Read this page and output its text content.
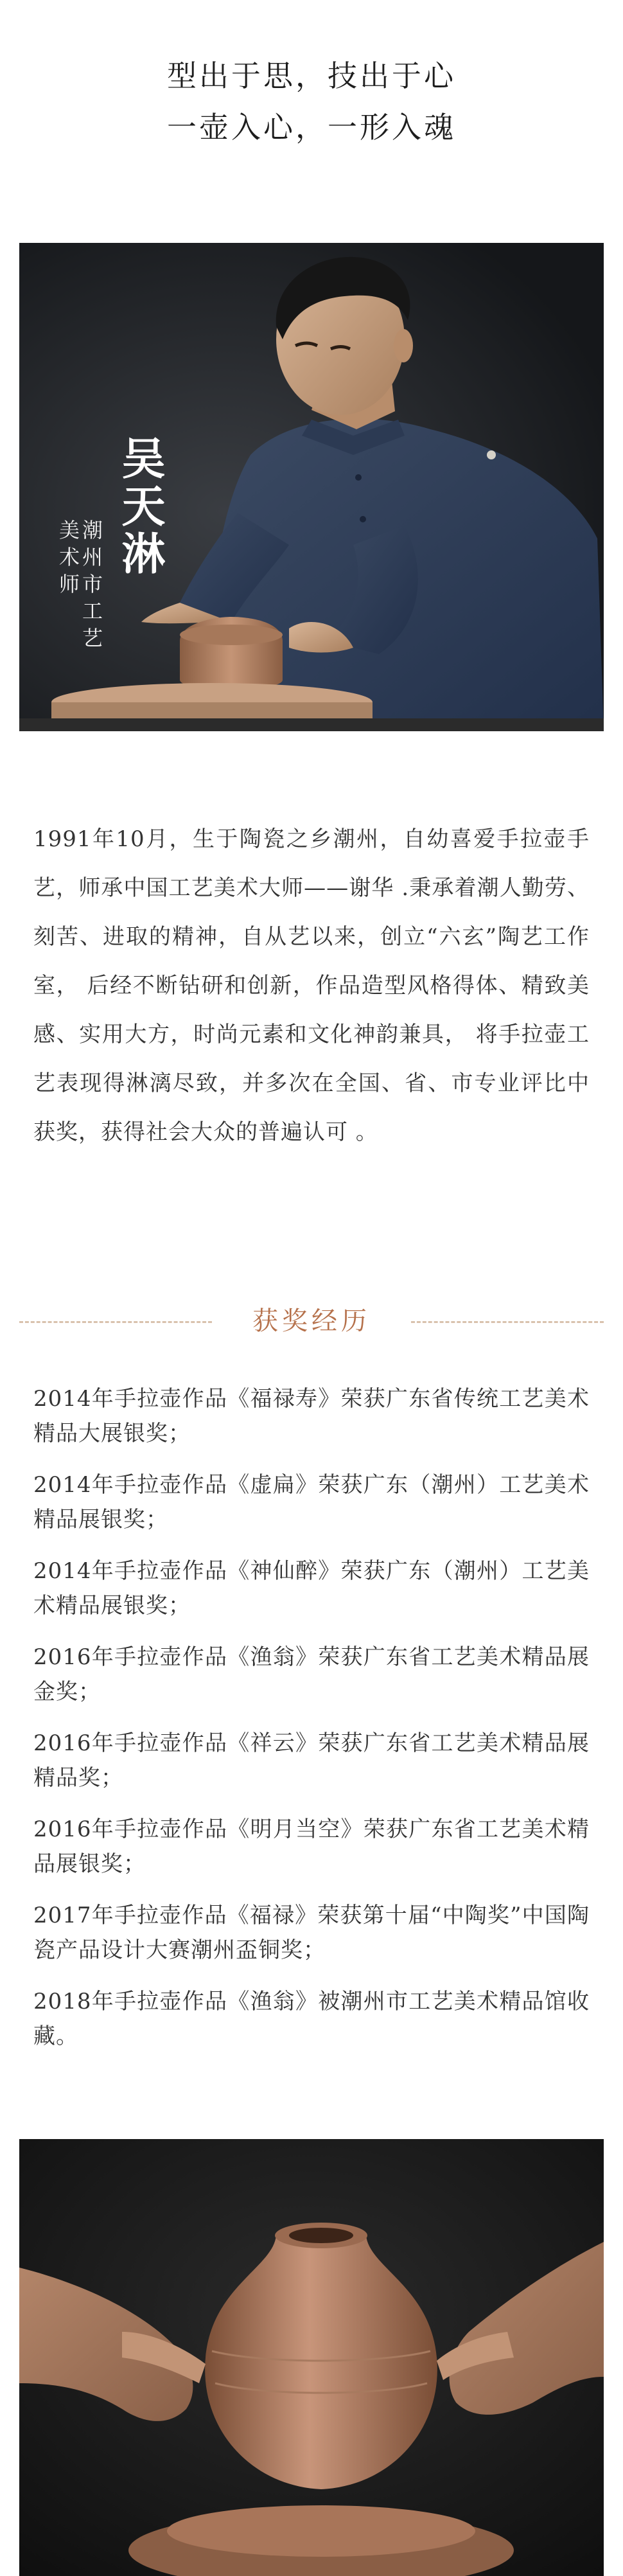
型出于思，技出于心
一壶入心，一形入魂
吴天淋
潮州市工艺美术师
1991年10月，生于陶瓷之乡潮州，自幼喜爱手拉壶手艺，师承中国工艺美术大师——谢华 .秉承着潮人勤劳、刻苦、进取的精神，自从艺以来，创立“六玄”陶艺工作室， 后经不断钻研和创新，作品造型风格得体、精致美感、实用大方，时尚元素和文化神韵兼具， 将手拉壶工艺表现得淋漓尽致，并多次在全国、省、市专业评比中获奖，获得社会大众的普遍认可 。
获奖经历
2014年手拉壶作品《福禄寿》荣获广东省传统工艺美术精品大展银奖；
2014年手拉壶作品《虚扁》荣获广东（潮州）工艺美术精品展银奖；
2014年手拉壶作品《神仙醉》荣获广东（潮州）工艺美术精品展银奖；
2016年手拉壶作品《渔翁》荣获广东省工艺美术精品展金奖；
2016年手拉壶作品《祥云》荣获广东省工艺美术精品展精品奖；
2016年手拉壶作品《明月当空》荣获广东省工艺美术精品展银奖；
2017年手拉壶作品《福禄》荣获第十届“中陶奖”中国陶瓷产品设计大赛潮州盃铜奖；
2018年手拉壶作品《渔翁》被潮州市工艺美术精品馆收藏。
